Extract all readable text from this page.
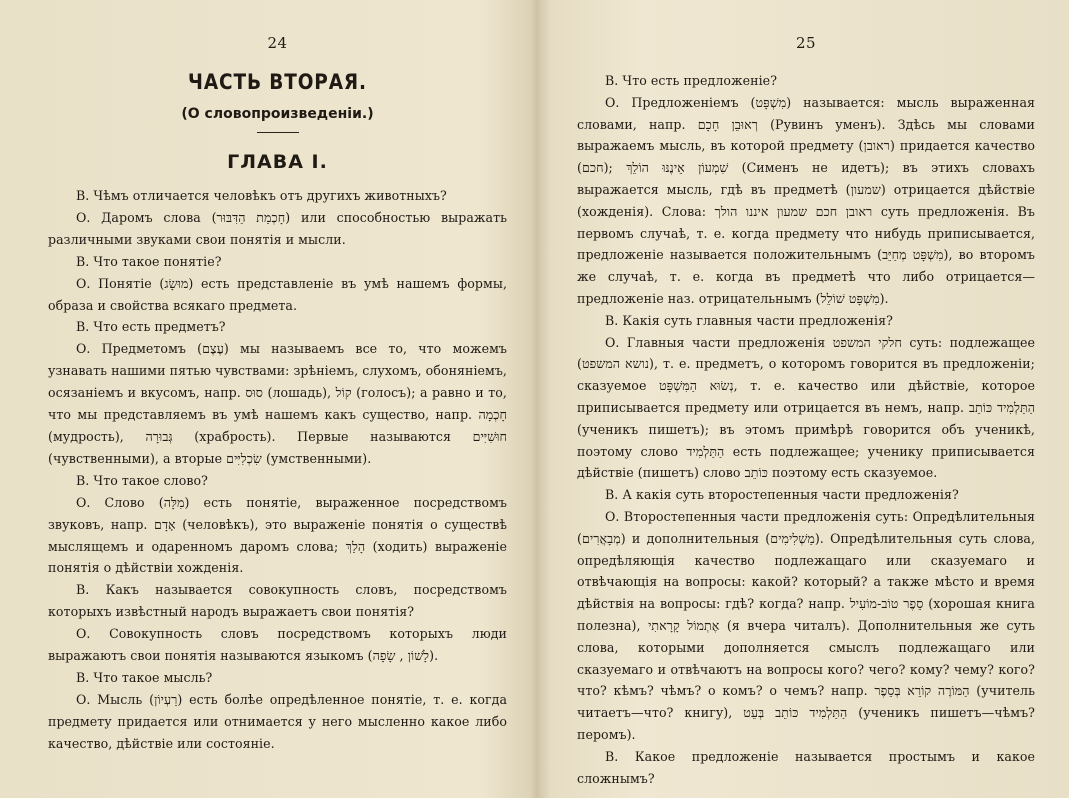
24
ЧАСТЬ ВТОРАЯ.
(О словопроизведеніи.)
ГЛАВА I.

В. Чѣмъ отличается человѣкъ отъ другихъ животныхъ?

О. Даромъ слова (חָכְמַת הַדִּבּוּר) или способностью выражать различными звуками свои понятія и мысли.

В. Что такое понятіе?

О. Понятіе (מוּשָׂג) есть представленіе въ умѣ нашемъ формы, образа и свойства всякаго предмета.

В. Что есть предметъ?

О. Предметомъ (עֶצֶם) мы называемъ все то, что можемъ узнавать нашими пятью чувствами: зрѣніемъ, слухомъ, обоняніемъ, осязаніемъ и вкусомъ, напр. סוּס (лошадь), קוֹל (голосъ); а равно и то, что мы представляемъ въ умѣ нашемъ какъ существо, напр. חָכְמָה (мудрость), גְּבוּרָה (храбрость). Первые называются חוּשִׁיִּים (чувственными), а вторые שִׂכְלִיִּים (умственными).

В. Что такое слово?

О. Слово (מִלָּה) есть понятіе, выраженное посредствомъ звуковъ, напр. אָדָם (человѣкъ), это выраженіе понятія о существѣ мыслящемъ и одаренномъ даромъ слова; הָלַךְ (ходить) выраженіе понятія о дѣйствіи хожденія.

В. Какъ называется совокупность словъ, посредствомъ которыхъ извѣстный народъ выражаетъ свои понятія?

О. Совокупность словъ посредствомъ которыхъ люди выражаютъ свои понятія называются языкомъ (לָשׁוֹן , שָׂפָה).

В. Что такое мысль?

О. Мысль (רַעְיוֹן) есть болѣе опредѣленное понятіе, т. е. когда предмету придается или отнимается у него мысленно какое либо качество, дѣйствіе или состояніе.

25

В. Что есть предложеніе?

О. Предложеніемъ (מִשְׁפָּט) называется: мысль выраженная словами, напр. רְאוּבֵן חָכָם (Рувинъ уменъ). Здѣсь мы словами выражаемъ мысль, въ которой предмету (ראובן) придается качество (חכם); שִׁמְעוֹן אֵינֶנּוּ הוֹלֵךְ (Сименъ не идетъ); въ этихъ словахъ выражается мысль, гдѣ въ предметѣ (שמעון) отрицается дѣйствіе (хожденія). Слова: ראובן חכם שמעון איננו הולך суть предложенія. Въ первомъ случаѣ, т. е. когда предмету что нибудь приписывается, предложеніе называется положительнымъ (מִשְׁפָּט מְחַיֵּב), во второмъ же случаѣ, т. е. когда въ предметѣ что либо отрицается—предложеніе наз. отрицательнымъ (מִשְׁפָּט שׁוֹלֵל).

В. Какія суть главныя части предложенія?

О. Главныя части предложенія חלקי המשפט суть: подлежащее (נושא המשפט), т. е. предметъ, о которомъ говорится въ предложеніи; сказуемое נְשׂוּא הַמִּשְׁפָּט, т. е. качество или дѣйствіе, которое приписывается предмету или отрицается въ немъ, напр. הַתַּלְמִיד כּוֹתֵב (ученикъ пишетъ); въ этомъ примѣрѣ говорится объ ученикѣ, поэтому слово הַתַּלְמִיד есть подлежащее; ученику приписывается дѣйствіе (пишетъ) слово כּוֹתֵב поэтому есть сказуемое.

В. А какія суть второстепенныя части предложенія?

О. Второстепенныя части предложенія суть: Опредѣлительныя (מְבָאֲרִים) и дополнительныя (מַשְׁלִימִים). Опредѣлительныя суть слова, опредѣляющія качество подлежащаго или сказуемаго и отвѣчающія на вопросы: какой? который? а также мѣсто и время дѣйствія на вопросы: гдѣ? когда? напр. סֵפֶר טוֹב-מוֹעִיל (хорошая книга полезна), אֶתְמוֹל קָרָאתִי (я вчера читалъ). Дополнительныя же суть слова, которыми дополняется смыслъ подлежащаго или сказуемаго и отвѣчаютъ на вопросы кого? чего? кому? чему? кого? что? кѣмъ? чѣмъ? о комъ? о чемъ? напр. הַמּוֹרֶה קוֹרֵא בְּסֵפֶר (учитель читаетъ—что? книгу), הַתַּלְמִיד כּוֹתֵב בְּעֵט (ученикъ пишетъ—чѣмъ? перомъ).

В. Какое предложеніе называется простымъ и какое сложнымъ?
